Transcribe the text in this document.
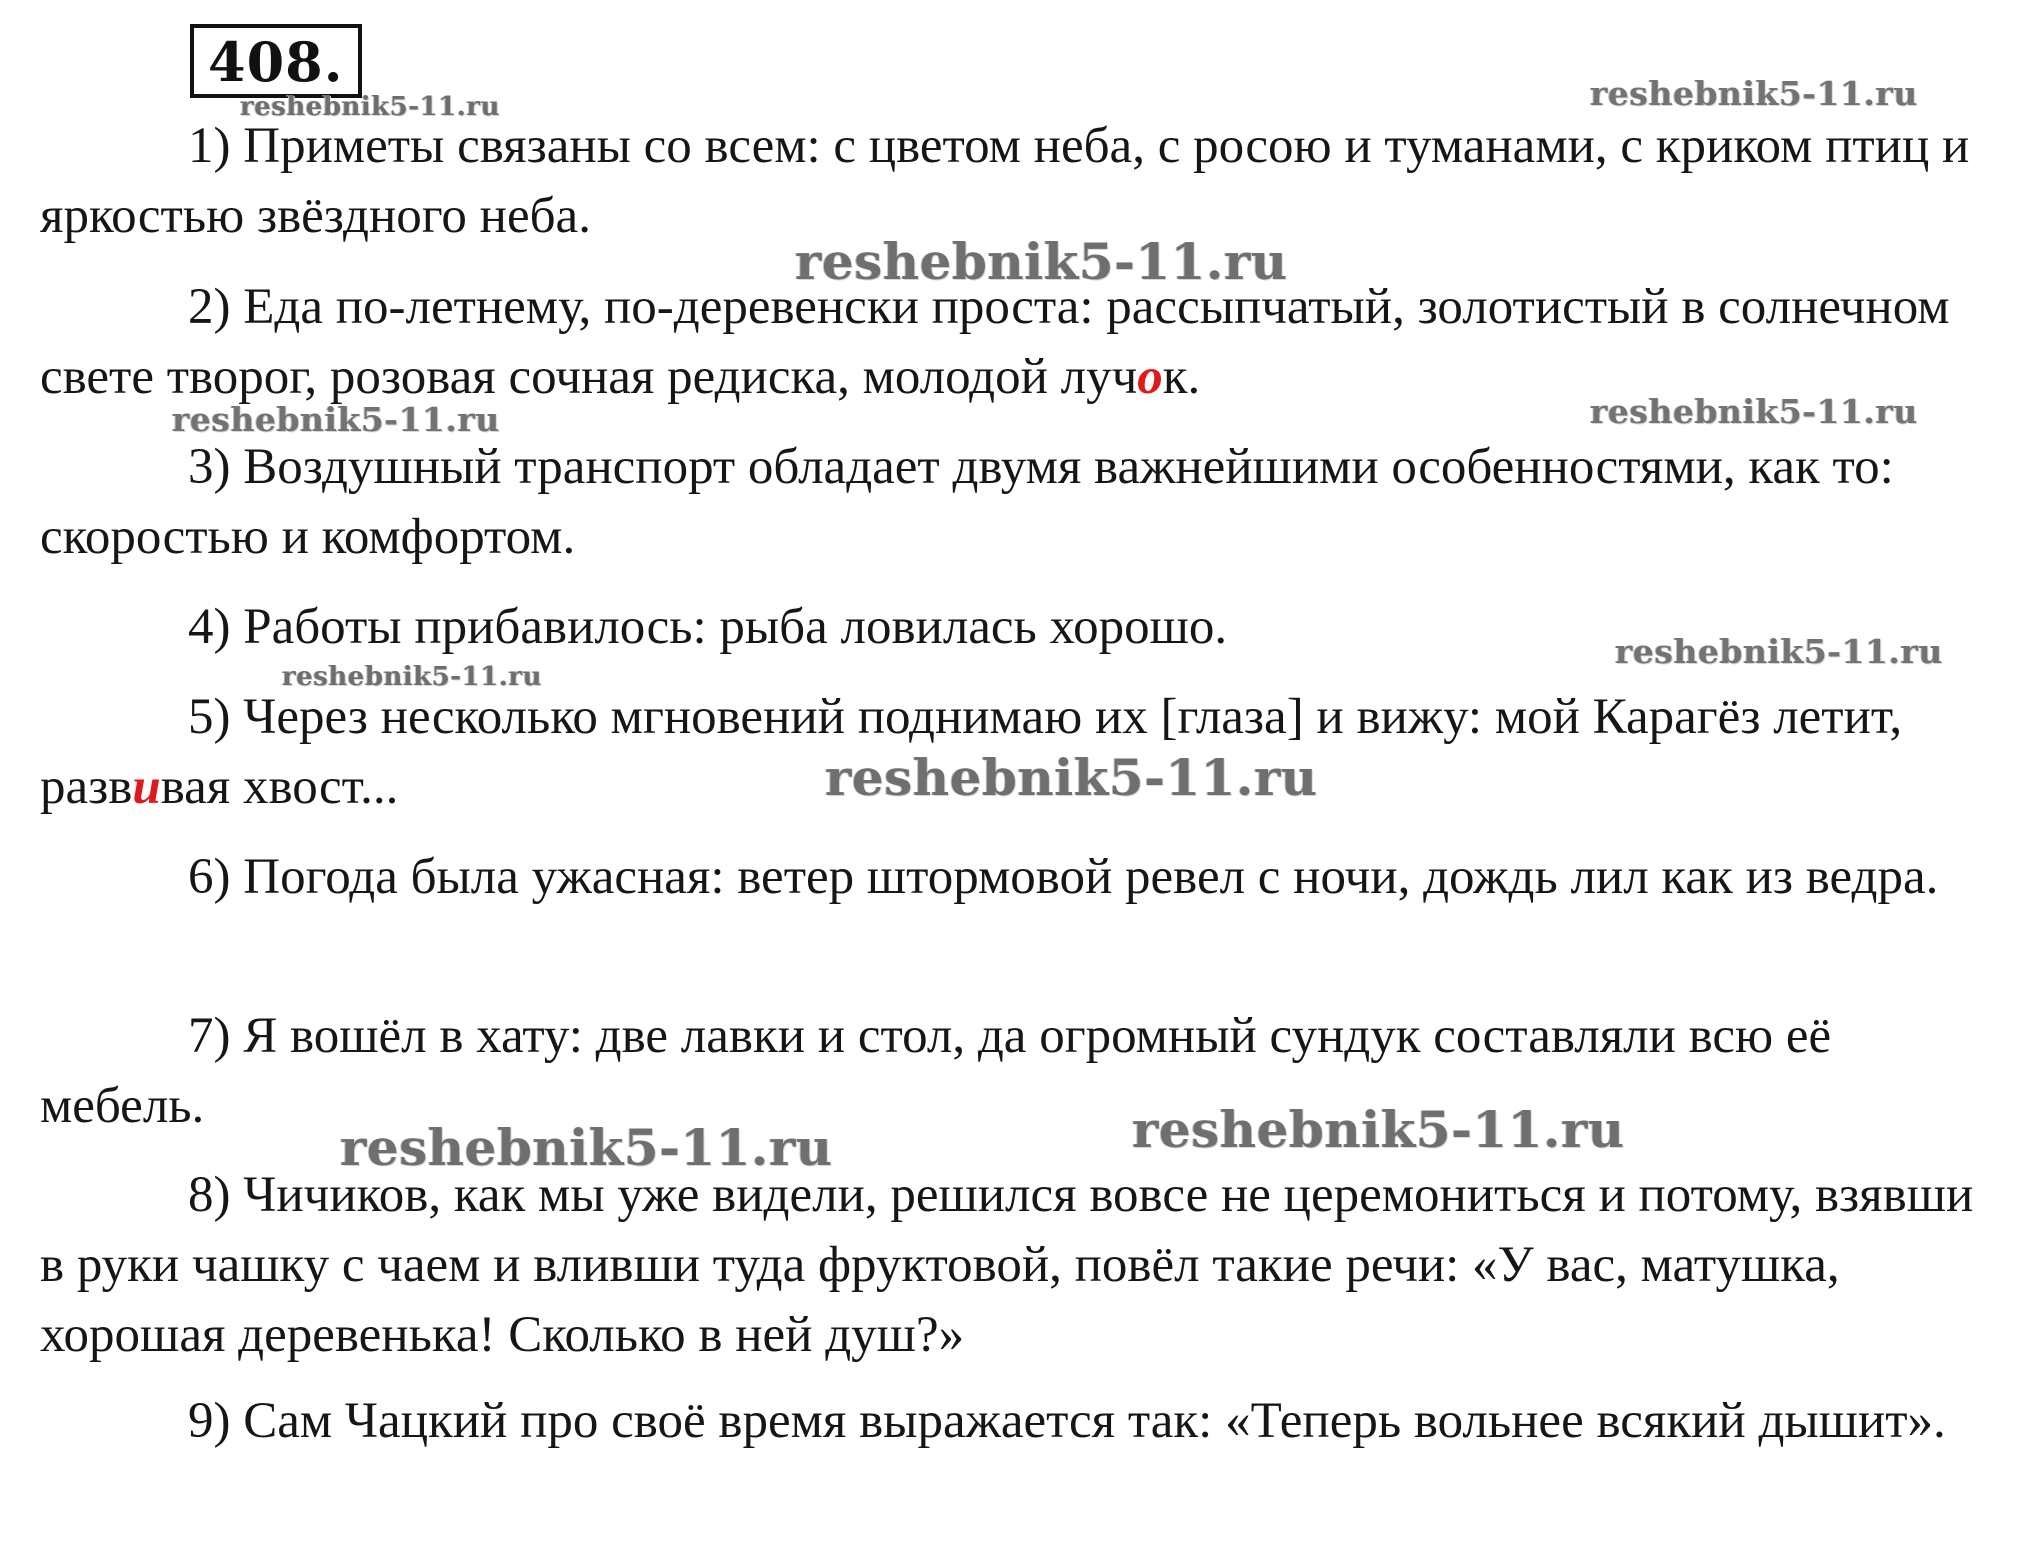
408.
reshebnik5-11.ru	reshebnik5-11.ru
reshebnik5-11.ru
reshebnik5-11.ru	reshebnik5-11.ru
reshebnik5-11.ru
reshebnik5-11.ru
reshebnik5-11.ru
reshebnik5-11.ru	reshebnik5-11.ru

1) Приметы связаны со всем: с цветом неба, с росою и туманами, с криком птиц и яркостью звёздного неба.

2) Еда по-летнему, по-деревенски проста: рассыпчатый, золотистый в солнечном свете творог, розовая сочная редиска, молодой лучок.

3) Воздушный транспорт обладает двумя важнейшими особенностями, как то: скоростью и комфортом.

4) Работы прибавилось: рыба ловилась хорошо.

5) Через несколько мгновений поднимаю их [глаза] и вижу: мой Карагёз летит, развивая хвост...

6) Погода была ужасная: ветер штормовой ревел с ночи, дождь лил как из ведра.

7) Я вошёл в хату: две лавки и стол, да огромный сундук составляли всю её мебель.

8) Чичиков, как мы уже видели, решился вовсе не церемониться и потому, взявши в руки чашку с чаем и вливши туда фруктовой, повёл такие речи: «У вас, матушка, хорошая деревенька! Сколько в ней душ?»

9) Сам Чацкий про своё время выражается так: «Теперь вольнее всякий дышит».
